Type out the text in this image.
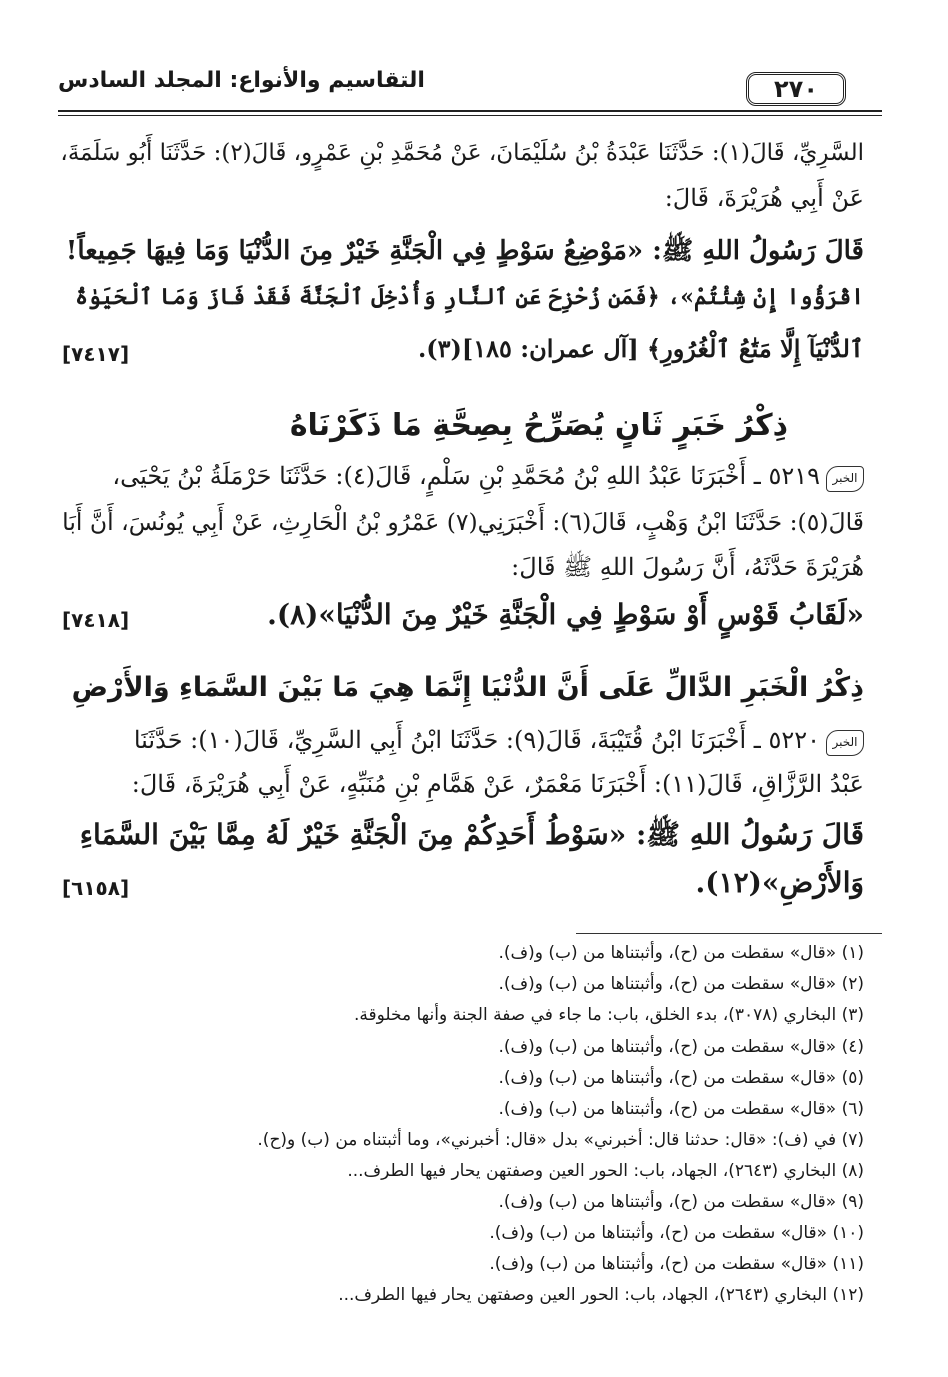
التقاسيم والأنواع: المجلد السادس	٢٧٠
السَّرِيِّ، قَالَ(١): حَدَّثَنَا عَبْدَةُ بْنُ سُلَيْمَانَ، عَنْ مُحَمَّدِ بْنِ عَمْرٍو، قَالَ(٢): حَدَّثَنَا أَبُو سَلَمَةَ،
عَنْ أَبِي هُرَيْرَةَ، قَالَ:
قَالَ رَسُولُ اللهِ ﷺ: «مَوْضِعُ سَوْطٍ فِي الْجَنَّةِ خَيْرٌ مِنَ الدُّنْيَا وَمَا فِيهَا جَمِيعاً!
اقْرَؤُوا إِنْ شِئْتُمْ»، ﴿فَمَن زُحْزِحَ عَنِ ٱلنَّارِ وَأُدْخِلَ ٱلْجَنَّةَ فَقَدْ فَازَ وَمَا ٱلْحَيَوٰةُ
ٱلدُّنْيَآ إِلَّا مَتَٰعُ ٱلْغُرُورِ﴾ [آل عمران: ١٨٥](٣).
[٧٤١٧]
ذِكْرُ خَبَرٍ ثَانٍ يُصَرِّحُ بِصِحَّةِ مَا ذَكَرْنَاهُ
الخبر
٥٢١٩ ـ أَخْبَرَنَا عَبْدُ اللهِ بْنُ مُحَمَّدِ بْنِ سَلْمٍ، قَالَ(٤): حَدَّثَنَا حَرْمَلَةُ بْنُ يَحْيَى،
قَالَ(٥): حَدَّثَنَا ابْنُ وَهْبٍ، قَالَ(٦): أَخْبَرَنِي(٧) عَمْرُو بْنُ الْحَارِثِ، عَنْ أَبِي يُونُسَ، أَنَّ أَبَا
هُرَيْرَةَ حَدَّثَهُ، أَنَّ رَسُولَ اللهِ ﷺ قَالَ:
«لَقَابُ قَوْسٍ أَوْ سَوْطٍ فِي الْجَنَّةِ خَيْرٌ مِنَ الدُّنْيَا»(٨).
[٧٤١٨]
ذِكْرُ الْخَبَرِ الدَّالِّ عَلَى أَنَّ الدُّنْيَا إِنَّمَا هِيَ مَا بَيْنَ السَّمَاءِ وَالأَرْضِ
الخبر
٥٢٢٠ ـ أَخْبَرَنَا ابْنُ قُتَيْبَةَ، قَالَ(٩): حَدَّثَنَا ابْنُ أَبِي السَّرِيِّ، قَالَ(١٠): حَدَّثَنَا
عَبْدُ الرَّزَّاقِ، قَالَ(١١): أَخْبَرَنَا مَعْمَرٌ، عَنْ هَمَّامِ بْنِ مُنَبِّهٍ، عَنْ أَبِي هُرَيْرَةَ، قَالَ:
قَالَ رَسُولُ اللهِ ﷺ: «سَوْطُ أَحَدِكُمْ مِنَ الْجَنَّةِ خَيْرٌ لَهُ مِمَّا بَيْنَ السَّمَاءِ
وَالأَرْضِ»(١٢).
[٦١٥٨]
(١) «قال» سقطت من (ح)، وأثبتناها من (ب) و(ف).
(٢) «قال» سقطت من (ح)، وأثبتناها من (ب) و(ف).
(٣) البخاري (٣٠٧٨)، بدء الخلق، باب: ما جاء في صفة الجنة وأنها مخلوقة.
(٤) «قال» سقطت من (ح)، وأثبتناها من (ب) و(ف).
(٥) «قال» سقطت من (ح)، وأثبتناها من (ب) و(ف).
(٦) «قال» سقطت من (ح)، وأثبتناها من (ب) و(ف).
(٧) في (ف): «قال: حدثنا قال: أخبرني» بدل «قال: أخبرني»، وما أثبتناه من (ب) و(ح).
(٨) البخاري (٢٦٤٣)، الجهاد، باب: الحور العين وصفتهن يحار فيها الطرف...
(٩) «قال» سقطت من (ح)، وأثبتناها من (ب) و(ف).
(١٠) «قال» سقطت من (ح)، وأثبتناها من (ب) و(ف).
(١١) «قال» سقطت من (ح)، وأثبتناها من (ب) و(ف).
(١٢) البخاري (٢٦٤٣)، الجهاد، باب: الحور العين وصفتهن يحار فيها الطرف...
